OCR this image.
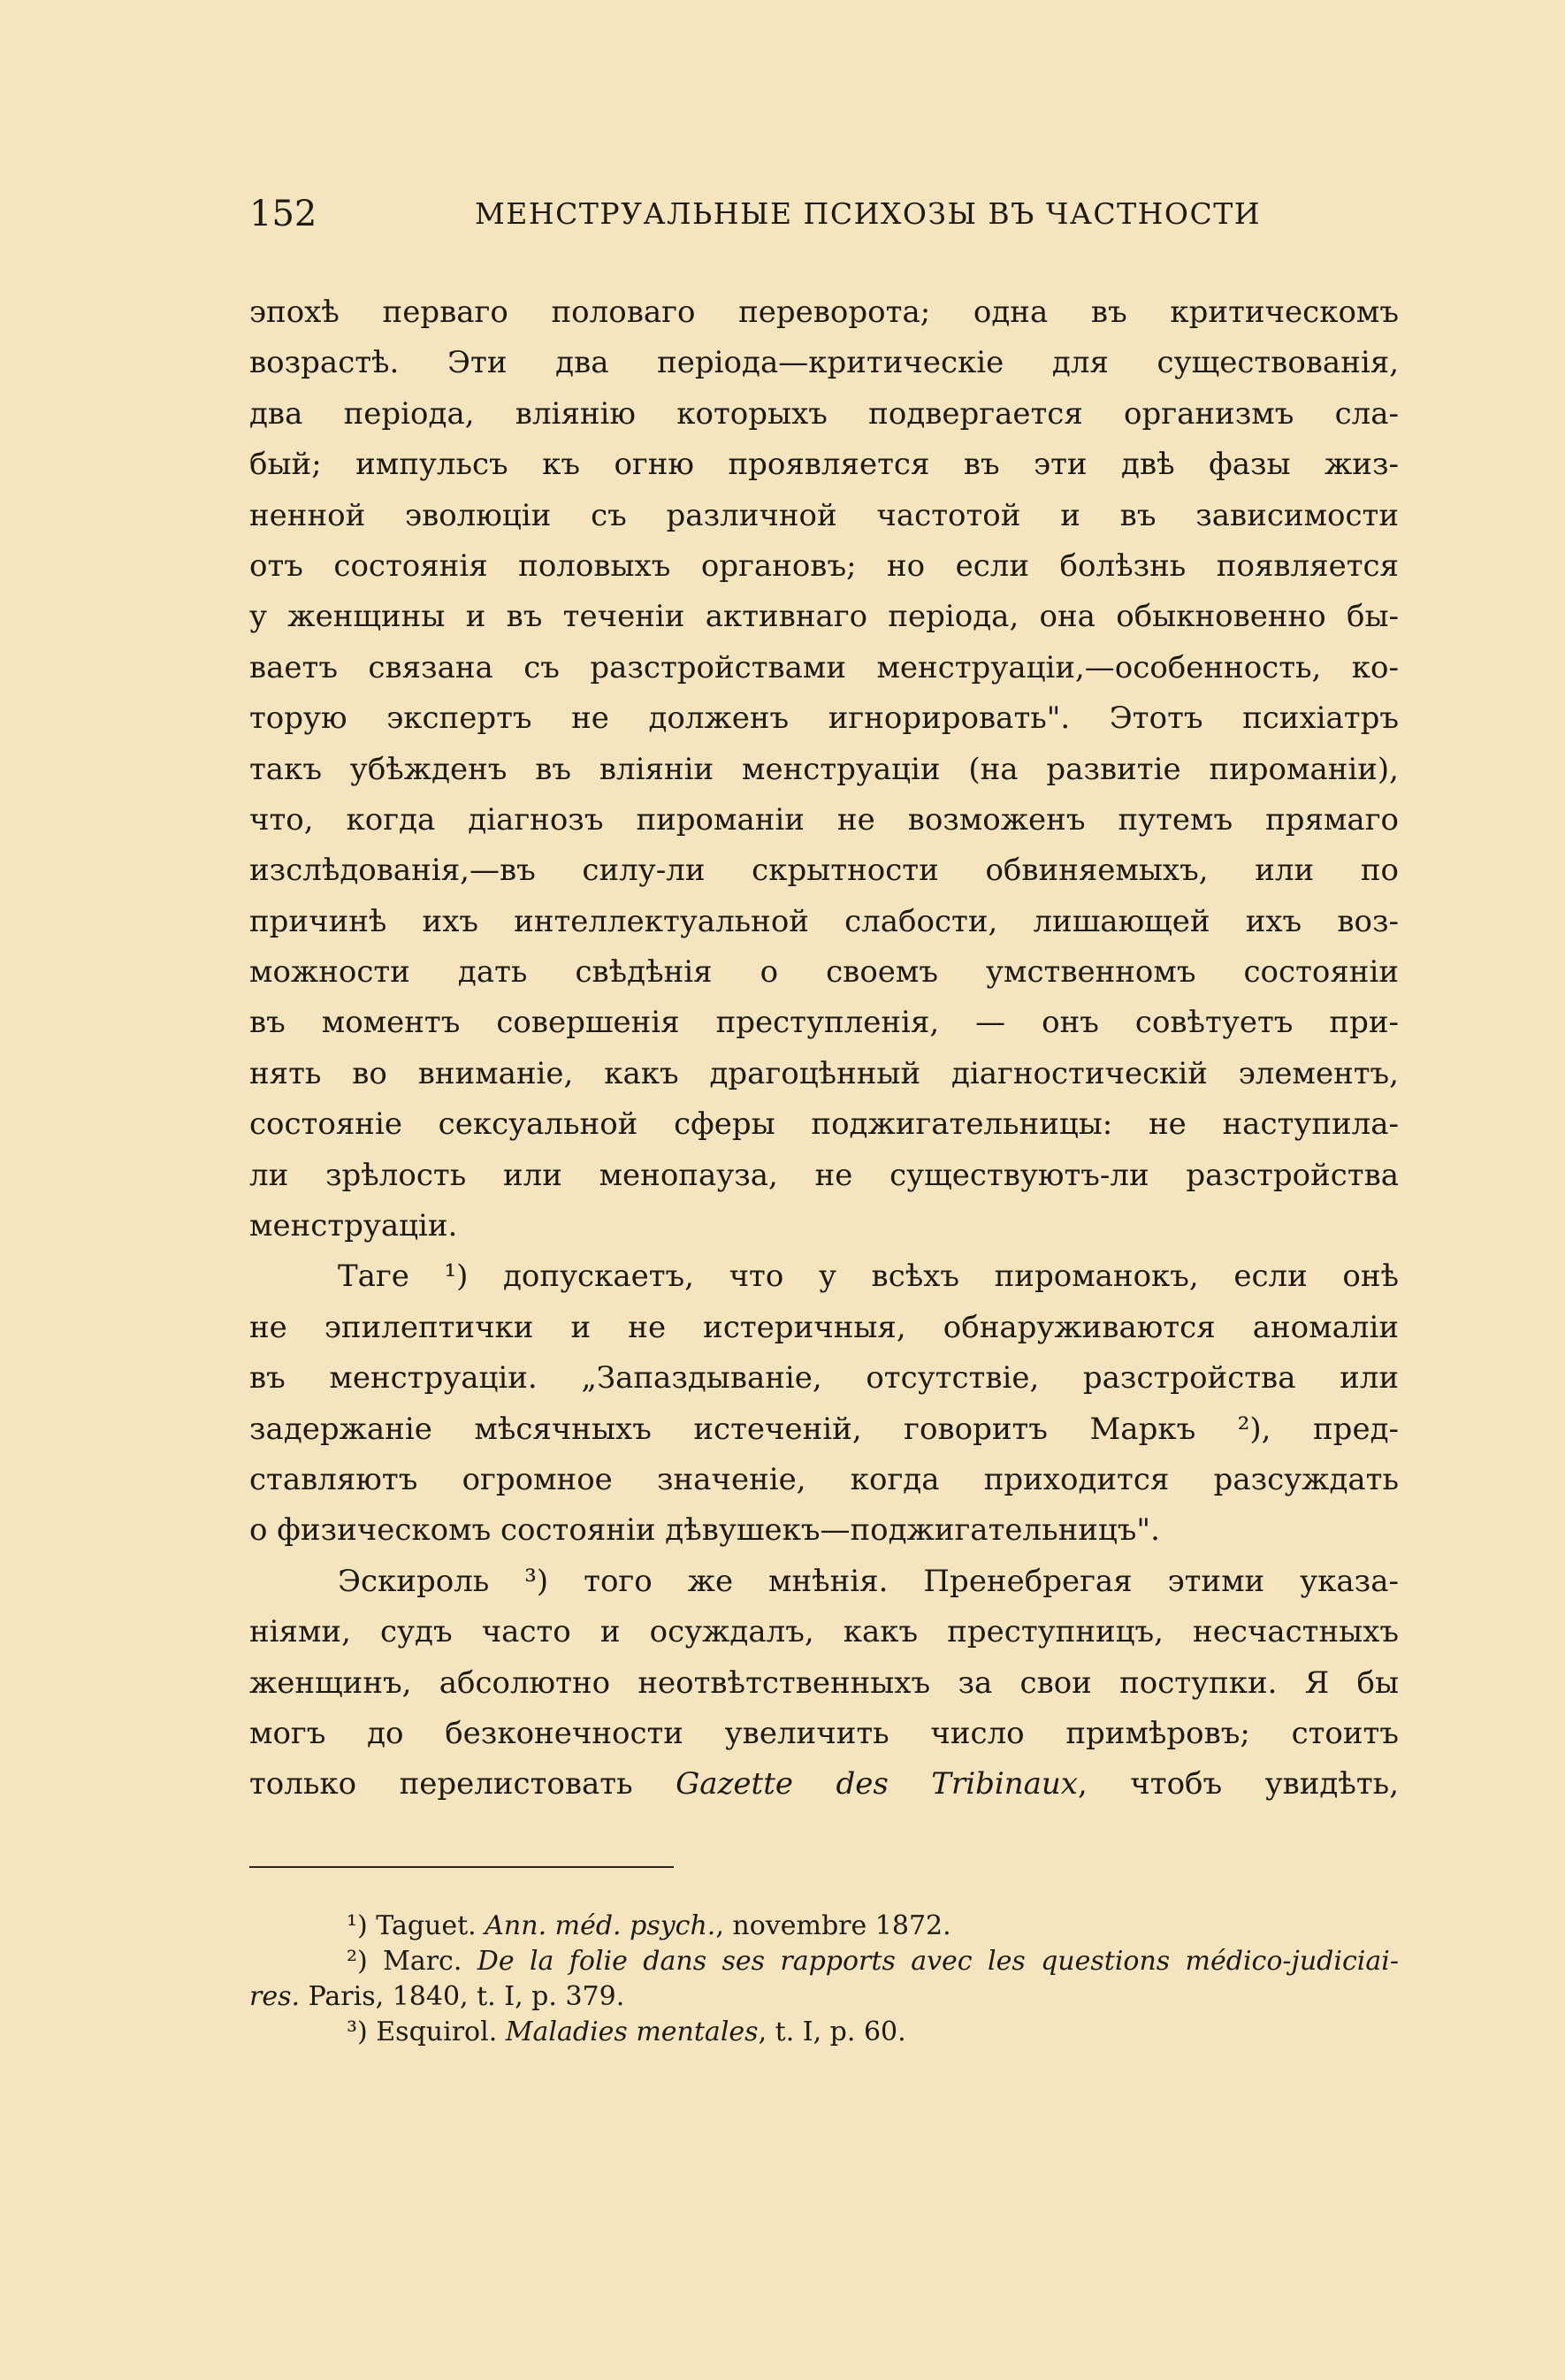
152	МЕНСТРУАЛЬНЫЕ ПСИХОЗЫ ВЪ ЧАСТНОСТИ
эпохѣ перваго половаго переворота; одна въ критическомъ
возрастѣ. Эти два періода—критическіе для существованія,
два періода, вліянію которыхъ подвергается организмъ сла-
бый; импульсъ къ огню проявляется въ эти двѣ фазы жиз-
ненной эволюціи съ различной частотой и въ зависимости
отъ состоянія половыхъ органовъ; но если болѣзнь появляется
у женщины и въ теченіи активнаго періода, она обыкновенно бы-
ваетъ связана съ разстройствами менструаціи,—особенность, ко-
торую экспертъ не долженъ игнорировать". Этотъ психіатръ
такъ убѣжденъ въ вліяніи менструаціи (на развитіе пироманіи),
что, когда діагнозъ пироманіи не возможенъ путемъ прямаго
изслѣдованія,—въ силу-ли скрытности обвиняемыхъ, или по
причинѣ ихъ интеллектуальной слабости, лишающей ихъ воз-
можности дать свѣдѣнія о своемъ умственномъ состояніи
въ моментъ совершенія преступленія, — онъ совѣтуетъ при-
нять во вниманіе, какъ драгоцѣнный діагностическій элементъ,
состояніе сексуальной сферы поджигательницы: не наступила-
ли зрѣлость или менопауза, не существуютъ-ли разстройства
менструаціи.
Таге ¹) допускаетъ, что у всѣхъ пироманокъ, если онѣ
не эпилептички и не истеричныя, обнаруживаются аномаліи
въ менструаціи. „Запаздываніе, отсутствіе, разстройства или
задержаніе мѣсячныхъ истеченій, говоритъ Маркъ ²), пред-
ставляютъ огромное значеніе, когда приходится разсуждать
о физическомъ состояніи дѣвушекъ—поджигательницъ".
Эскироль ³) того же мнѣнія. Пренебрегая этими указа-
ніями, судъ часто и осуждалъ, какъ преступницъ, несчастныхъ
женщинъ, абсолютно неотвѣтственныхъ за свои поступки. Я бы
могъ до безконечности увеличить число примѣровъ; стоитъ
только перелистовать Gazette des Tribinaux, чтобъ увидѣть,
¹) Taguet. Ann. méd. psych., novembre 1872.
²) Marc. De la folie dans ses rapports avec les questions médico-judiciai-
res. Paris, 1840, t. I, p. 379.
³) Esquirol. Maladies mentales, t. I, p. 60.
